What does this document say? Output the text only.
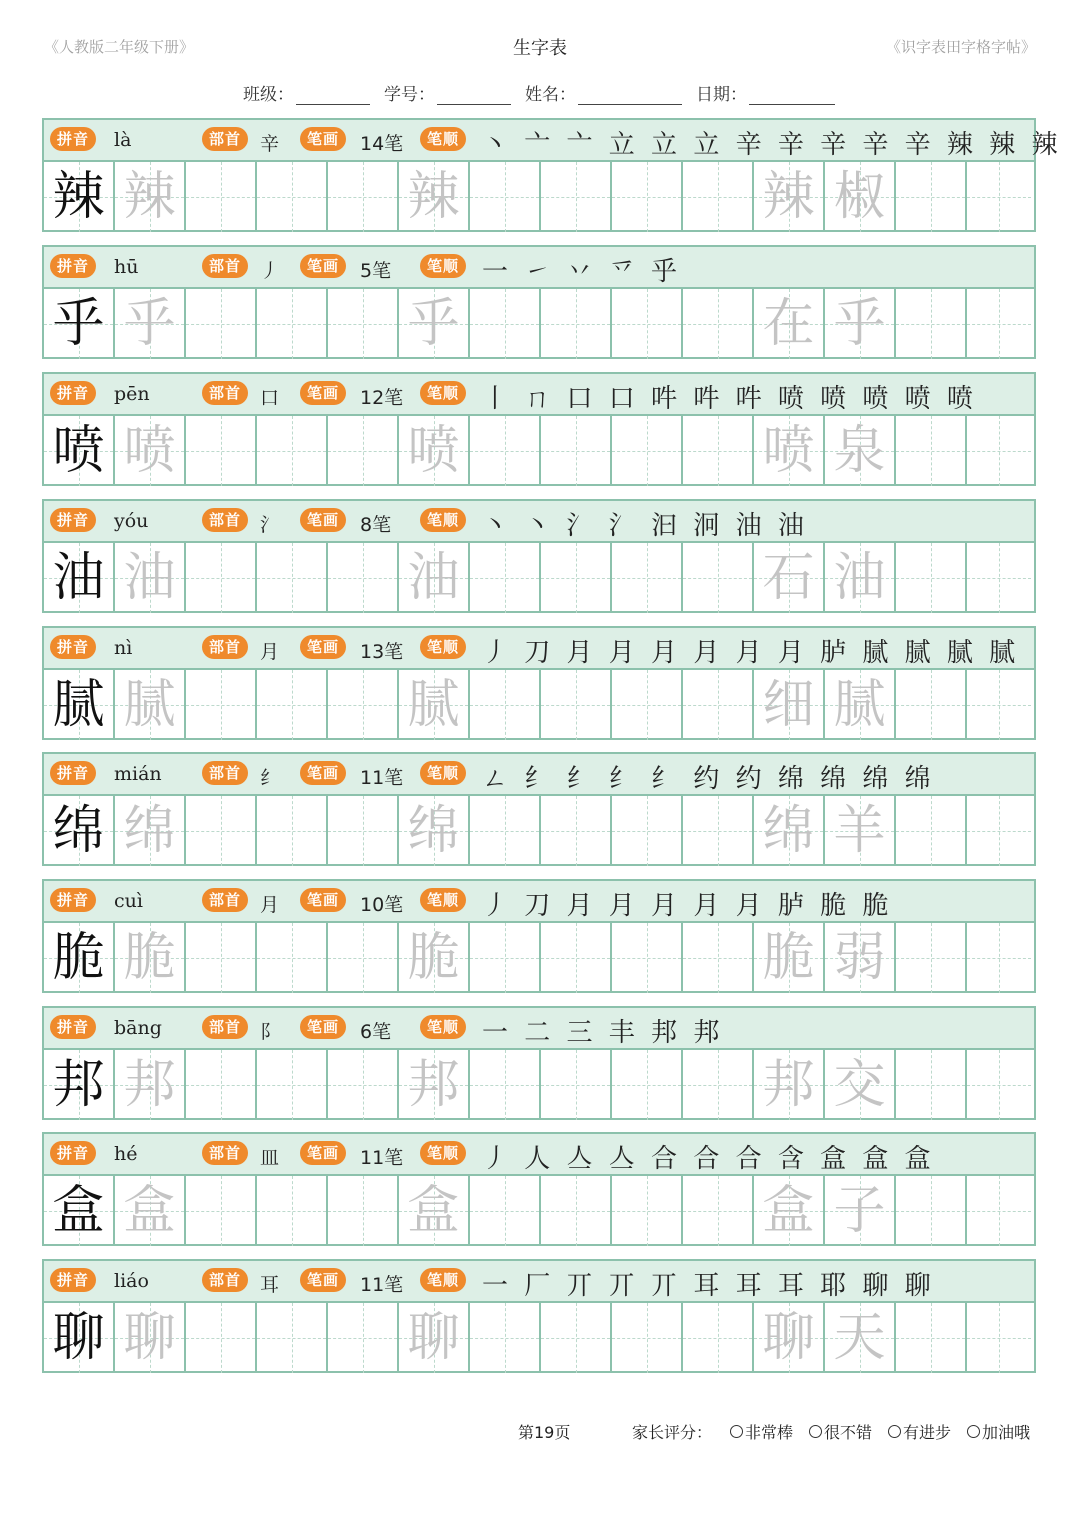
《人教版二年级下册》	生字表	《识字表田字格字帖》
班级：	学号：	姓名：	日期：
拼音	là	部首 辛	笔画	14笔	笔顺 丶 亠 亠 立 立 立 辛 辛 辛 辛 辛 辣 辣 辣
辣 辣	辣	辣 椒
拼音	hū	部首 丿	笔画	5笔	笔顺 一 ㇀ 丷 乊 乎
乎 乎	乎	在 乎
拼音	pēn	部首 口	笔画	12笔	笔顺 丨 ㄇ 口 口 吽 吽 吽 喷 喷 喷 喷 喷
喷 喷	喷	喷 泉
拼音	yóu	部首 氵	笔画	8笔	笔顺 丶 丶 氵 氵 汩 泂 油 油
油 油	油	石 油
拼音	nì	部首 月	笔画	13笔	笔顺 丿 刀 月 月 月 月 月 月 胪 腻 腻 腻 腻
腻 腻	腻	细 腻
拼音	mián	部首 纟	笔画	11笔	笔顺 ㄥ 纟 纟 纟 纟 约 约 绵 绵 绵 绵
绵 绵	绵	绵 羊
拼音	cuì	部首 月	笔画	10笔	笔顺 丿 刀 月 月 月 月 月 胪 脆 脆
脆 脆	脆	脆 弱
拼音	bāng	部首 阝	笔画	6笔	笔顺 一 二 三 丰 邦 邦
邦 邦	邦	邦 交
拼音	hé	部首 皿	笔画	11笔	笔顺 丿 人 亼 亼 合 合 合 含 盒 盒 盒
盒 盒	盒	盒 子
拼音	liáo	部首 耳	笔画	11笔	笔顺 一 厂 丌 丌 丌 耳 耳 耳 耶 聊 聊
聊 聊	聊	聊 天
第19页	家长评分： 非常棒 很不错 有进步 加油哦
